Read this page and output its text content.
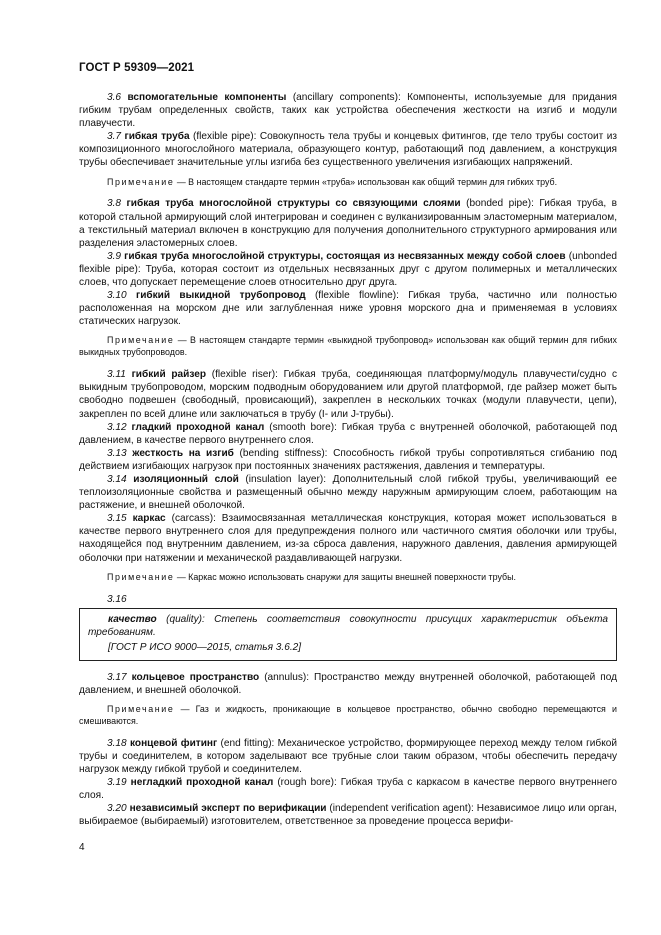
ГОСТ Р 59309—2021

3.6 вспомогательные компоненты (ancillary components): Компоненты, используемые для придания гибким трубам определенных свойств, таких как устройства обеспечения жесткости на изгиб и модули плавучести.

3.7 гибкая труба (flexible pipe): Совокупность тела трубы и концевых фитингов, где тело трубы состоит из композиционного многослойного материала, образующего контур, работающий под давлением, а конструкция трубы обеспечивает значительные углы изгиба без существенного увеличения изгибающих напряжений.

Примечание — В настоящем стандарте термин «труба» использован как общий термин для гибких труб.

3.8 гибкая труба многослойной структуры со связующими слоями (bonded pipe): Гибкая труба, в которой стальной армирующий слой интегрирован и соединен с вулканизированным эластомерным материалом, а текстильный материал включен в конструкцию для получения дополнительного структурного армирования или разделения эластомерных слоев.

3.9 гибкая труба многослойной структуры, состоящая из несвязанных между собой слоев (unbonded flexible pipe): Труба, которая состоит из отдельных несвязанных друг с другом полимерных и металлических слоев, что допускает перемещение слоев относительно друг друга.

3.10 гибкий выкидной трубопровод (flexible flowline): Гибкая труба, частично или полностью расположенная на морском дне или заглубленная ниже уровня морского дна и применяемая в условиях статических нагрузок.

Примечание — В настоящем стандарте термин «выкидной трубопровод» использован как общий термин для гибких выкидных трубопроводов.

3.11 гибкий райзер (flexible riser): Гибкая труба, соединяющая платформу/модуль плавучести/судно с выкидным трубопроводом, морским подводным оборудованием или другой платформой, где райзер может быть свободно подвешен (свободный, провисающий), закреплен в нескольких точках (модули плавучести, цепи), закреплен по всей длине или заключаться в трубу (I- или J-трубы).

3.12 гладкий проходной канал (smooth bore): Гибкая труба с внутренней оболочкой, работающей под давлением, в качестве первого внутреннего слоя.

3.13 жесткость на изгиб (bending stiffness): Способность гибкой трубы сопротивляться сгибанию под действием изгибающих нагрузок при постоянных значениях растяжения, давления и температуры.

3.14 изоляционный слой (insulation layer): Дополнительный слой гибкой трубы, увеличивающий ее теплоизоляционные свойства и размещенный обычно между наружным армирующим слоем, работающим на растяжение, и внешней оболочкой.

3.15 каркас (carcass): Взаимосвязанная металлическая конструкция, которая может использоваться в качестве первого внутреннего слоя для предупреждения полного или частичного смятия оболочки или трубы, находящейся под внутренним давлением, из-за сброса давления, наружного давления, давления армирующей оболочки при натяжении и механической раздавливающей нагрузки.

Примечание — Каркас можно использовать снаружи для защиты внешней поверхности трубы.

3.16

качество (quality): Степень соответствия совокупности присущих характеристик объекта требованиям.

[ГОСТ Р ИСО 9000—2015, статья 3.6.2]

3.17 кольцевое пространство (annulus): Пространство между внутренней оболочкой, работающей под давлением, и внешней оболочкой.

Примечание — Газ и жидкость, проникающие в кольцевое пространство, обычно свободно перемещаются и смешиваются.

3.18 концевой фитинг (end fitting): Механическое устройство, формирующее переход между телом гибкой трубы и соединителем, в котором заделывают все трубные слои таким образом, чтобы обеспечить передачу нагрузок между гибкой трубой и соединителем.

3.19 негладкий проходной канал (rough bore): Гибкая труба с каркасом в качестве первого внутреннего слоя.

3.20 независимый эксперт по верификации (independent verification agent): Независимое лицо или орган, выбираемое (выбираемый) изготовителем, ответственное за проведение процесса верифи-

4
